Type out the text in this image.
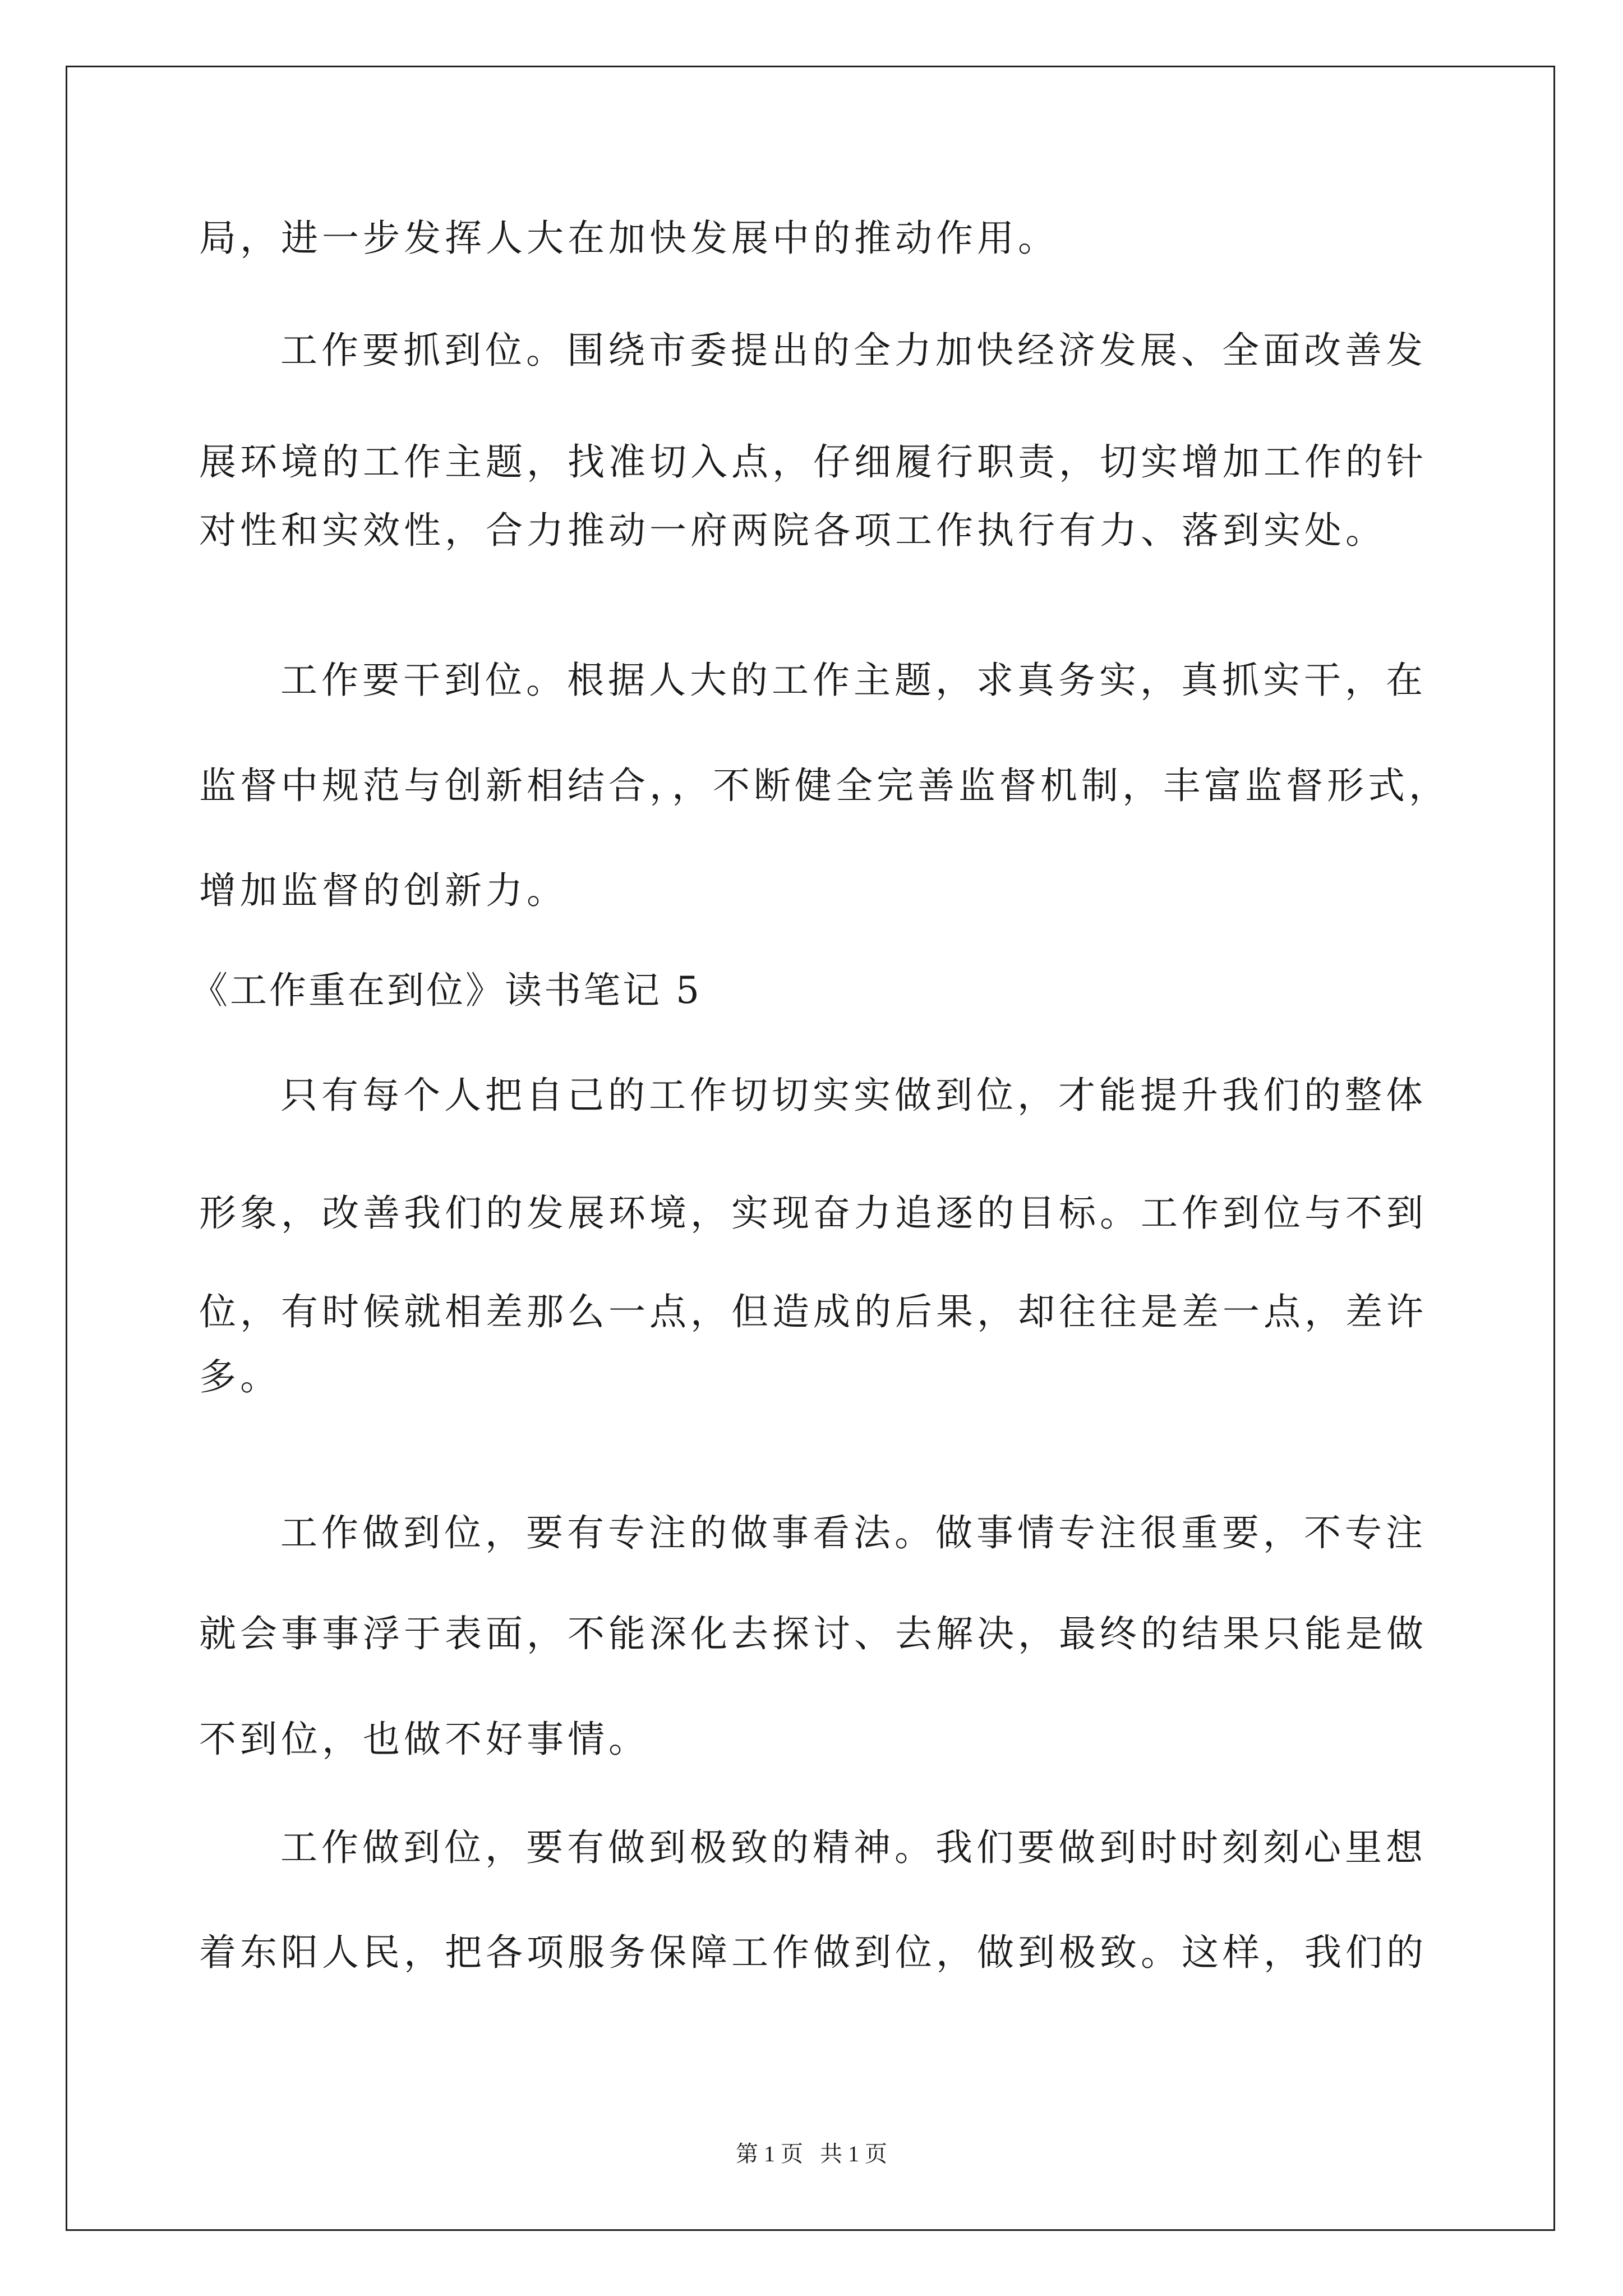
局，进一步发挥人大在加快发展中的推动作用。
工作要抓到位。围绕市委提出的全力加快经济发展、全面改善发
展环境的工作主题，找准切入点，仔细履行职责，切实增加工作的针
对性和实效性，合力推动一府两院各项工作执行有力、落到实处。
工作要干到位。根据人大的工作主题，求真务实，真抓实干，在
监督中规范与创新相结合，，不断健全完善监督机制，丰富监督形式，
增加监督的创新力。
《工作重在到位》读书笔记 5
只有每个人把自己的工作切切实实做到位，才能提升我们的整体
形象，改善我们的发展环境，实现奋力追逐的目标。工作到位与不到
位，有时候就相差那么一点，但造成的后果，却往往是差一点，差许
多。
工作做到位，要有专注的做事看法。做事情专注很重要，不专注
就会事事浮于表面，不能深化去探讨、去解决，最终的结果只能是做
不到位，也做不好事情。
工作做到位，要有做到极致的精神。我们要做到时时刻刻心里想
着东阳人民，把各项服务保障工作做到位，做到极致。这样，我们的
第 1 页   共 1 页
